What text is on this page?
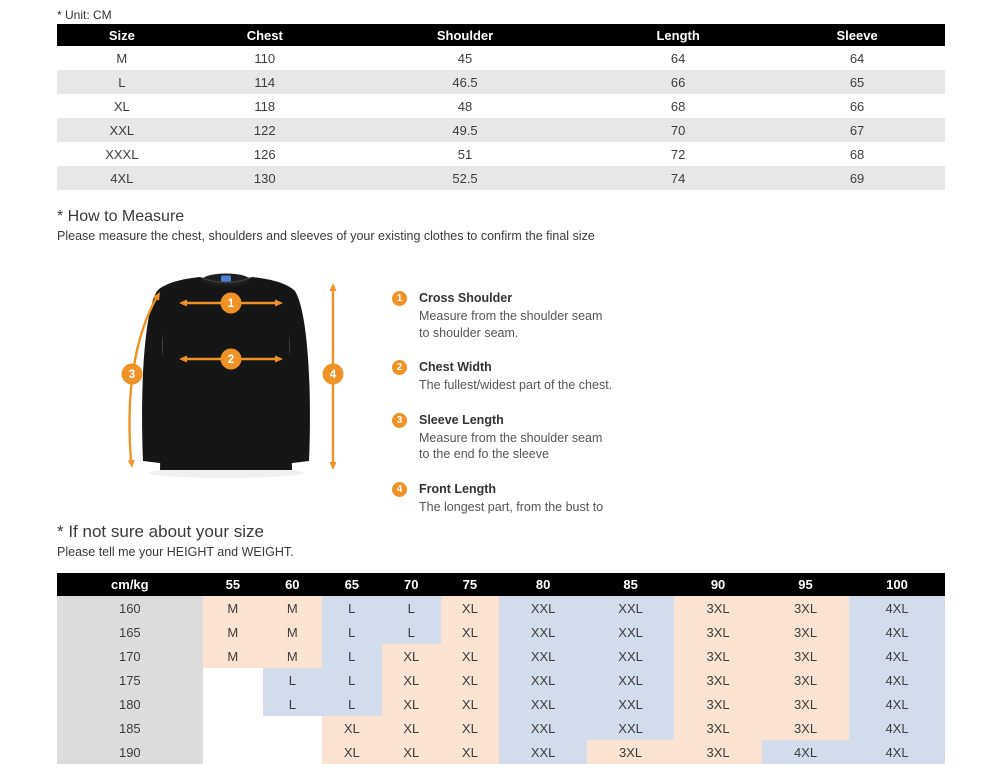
* Unit: CM
Size	Chest	Shoulder	Length	Sleeve
M	110	45	64	64
L	114	46.5	66	65
XL	118	48	68	66
XXL	122	49.5	70	67
XXXL	126	51	72	68
4XL	130	52.5	74	69
* How to Measure
Please measure the chest, shoulders and sleeves of your existing clothes to confirm the final size
1
2
3	4
1	Cross Shoulder
Measure from the shoulder seam
to shoulder seam.
2	Chest Width
The fullest/widest part of the chest.
3	Sleeve Length
Measure from the shoulder seam
to the end fo the sleeve
4	Front Length
The longest part, from the bust to
* If not sure about your size
Please tell me your HEIGHT and WEIGHT.
cm/kg	55	60	65	70	75	80	85	90	95	100
160	M	M	L	L	XL	XXL	XXL	3XL	3XL	4XL
165	M	M	L	L	XL	XXL	XXL	3XL	3XL	4XL
170	M	M	L	XL	XL	XXL	XXL	3XL	3XL	4XL
175		L	L	XL	XL	XXL	XXL	3XL	3XL	4XL
180		L	L	XL	XL	XXL	XXL	3XL	3XL	4XL
185			XL	XL	XL	XXL	XXL	3XL	3XL	4XL
190			XL	XL	XL	XXL	3XL	3XL	4XL	4XL
